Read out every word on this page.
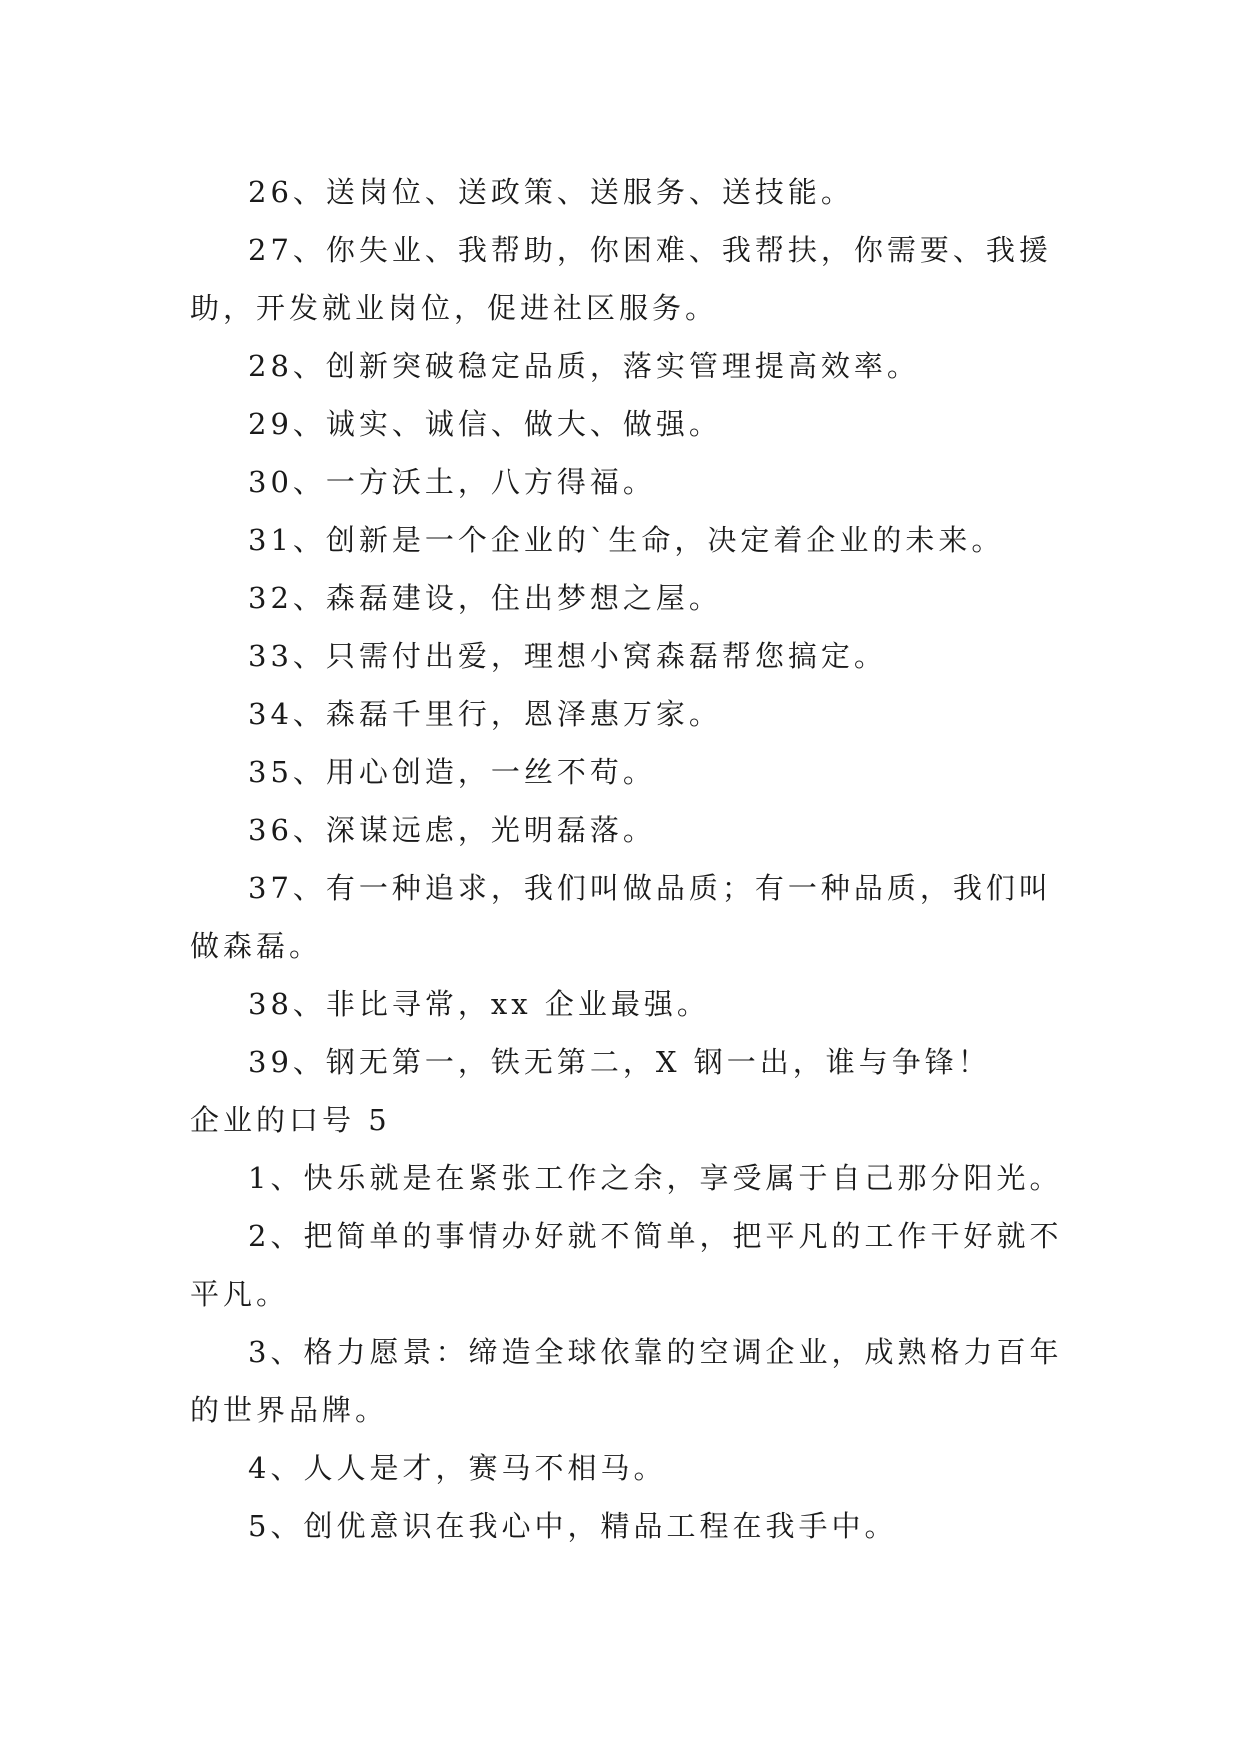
26、送岗位、送政策、送服务、送技能。

27、你失业、我帮助，你困难、我帮扶，你需要、我援助，开发就业岗位，促进社区服务。

28、创新突破稳定品质，落实管理提高效率。

29、诚实、诚信、做大、做强。

30、一方沃土，八方得福。

31、创新是一个企业的`生命，决定着企业的未来。

32、森磊建设，住出梦想之屋。

33、只需付出爱，理想小窝森磊帮您搞定。

34、森磊千里行，恩泽惠万家。

35、用心创造，一丝不苟。

36、深谋远虑，光明磊落。

37、有一种追求，我们叫做品质；有一种品质，我们叫做森磊。

38、非比寻常，xx 企业最强。

39、钢无第一，铁无第二，X 钢一出，谁与争锋！

企业的口号 5

1、快乐就是在紧张工作之余，享受属于自己那分阳光。

2、把简单的事情办好就不简单，把平凡的工作干好就不平凡。

3、格力愿景：缔造全球依靠的空调企业，成熟格力百年的世界品牌。

4、人人是才，赛马不相马。

5、创优意识在我心中，精品工程在我手中。
